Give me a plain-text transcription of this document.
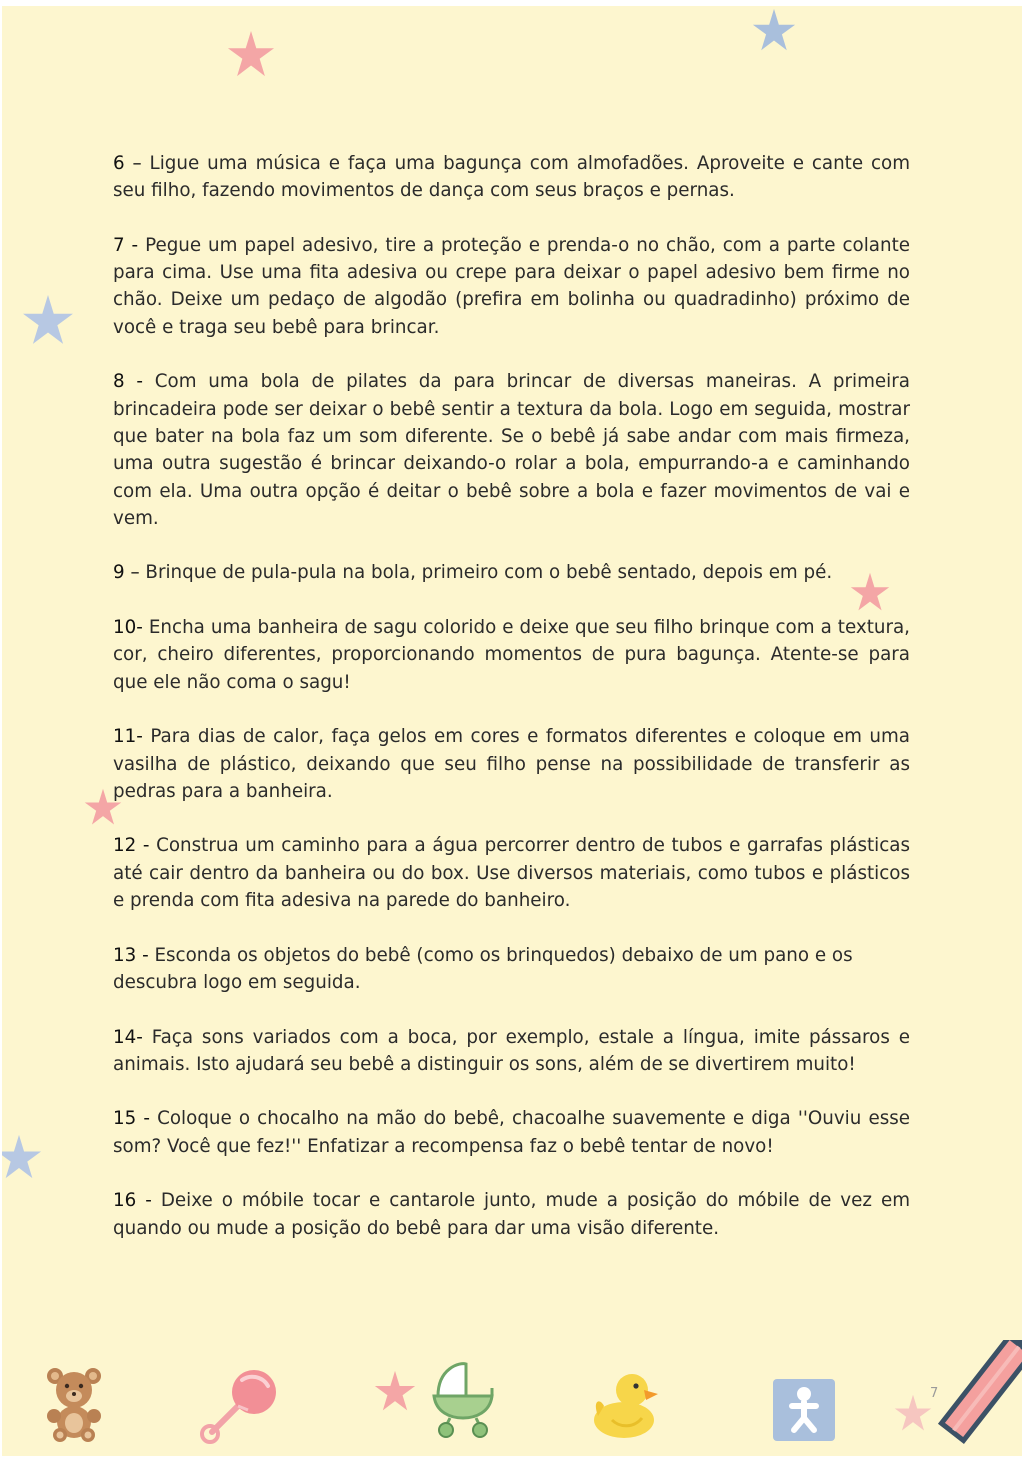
6 – Ligue uma música e faça uma bagunça com almofadões. Aproveite e cante com seu filho, fazendo movimentos de dança com seus braços e pernas.

7 - Pegue um papel adesivo, tire a proteção e prenda-o no chão, com a parte colante para cima. Use uma fita adesiva ou crepe para deixar o papel adesivo bem firme no chão. Deixe um pedaço de algodão (prefira em bolinha ou quadradinho) próximo de você e traga seu bebê para brincar.

8 - Com uma bola de pilates da para brincar de diversas maneiras. A primeira brincadeira pode ser deixar o bebê sentir a textura da bola. Logo em seguida, mostrar que bater na bola faz um som diferente. Se o bebê já sabe andar com mais firmeza, uma outra sugestão é brincar deixando-o rolar a bola, empurrando-a e caminhando com ela. Uma outra opção é deitar o bebê sobre a bola e fazer movimentos de vai e vem.

9 – Brinque de pula-pula na bola, primeiro com o bebê sentado, depois em pé.

10- Encha uma banheira de sagu colorido e deixe que seu filho brinque com a textura, cor, cheiro diferentes, proporcionando momentos de pura bagunça. Atente-se para que ele não coma o sagu!

11- Para dias de calor, faça gelos em cores e formatos diferentes e coloque em uma vasilha de plástico, deixando que seu filho pense na possibilidade de transferir as pedras para a banheira.

12 - Construa um caminho para a água percorrer dentro de tubos e garrafas plásticas até cair dentro da banheira ou do box. Use diversos materiais, como tubos e plásticos e prenda com fita adesiva na parede do banheiro.

13 - Esconda os objetos do bebê (como os brinquedos) debaixo de um pano e os descubra logo em seguida.

14- Faça sons variados com a boca, por exemplo, estale a língua, imite pássaros e animais. Isto ajudará seu bebê a distinguir os sons, além de se divertirem muito!

15 - Coloque o chocalho na mão do bebê, chacoalhe suavemente e diga ''Ouviu esse som? Você que fez!'' Enfatizar a recompensa faz o bebê tentar de novo!

16 - Deixe o móbile tocar e cantarole junto, mude a posição do móbile de vez em quando ou mude a posição do bebê para dar uma visão diferente.

7
